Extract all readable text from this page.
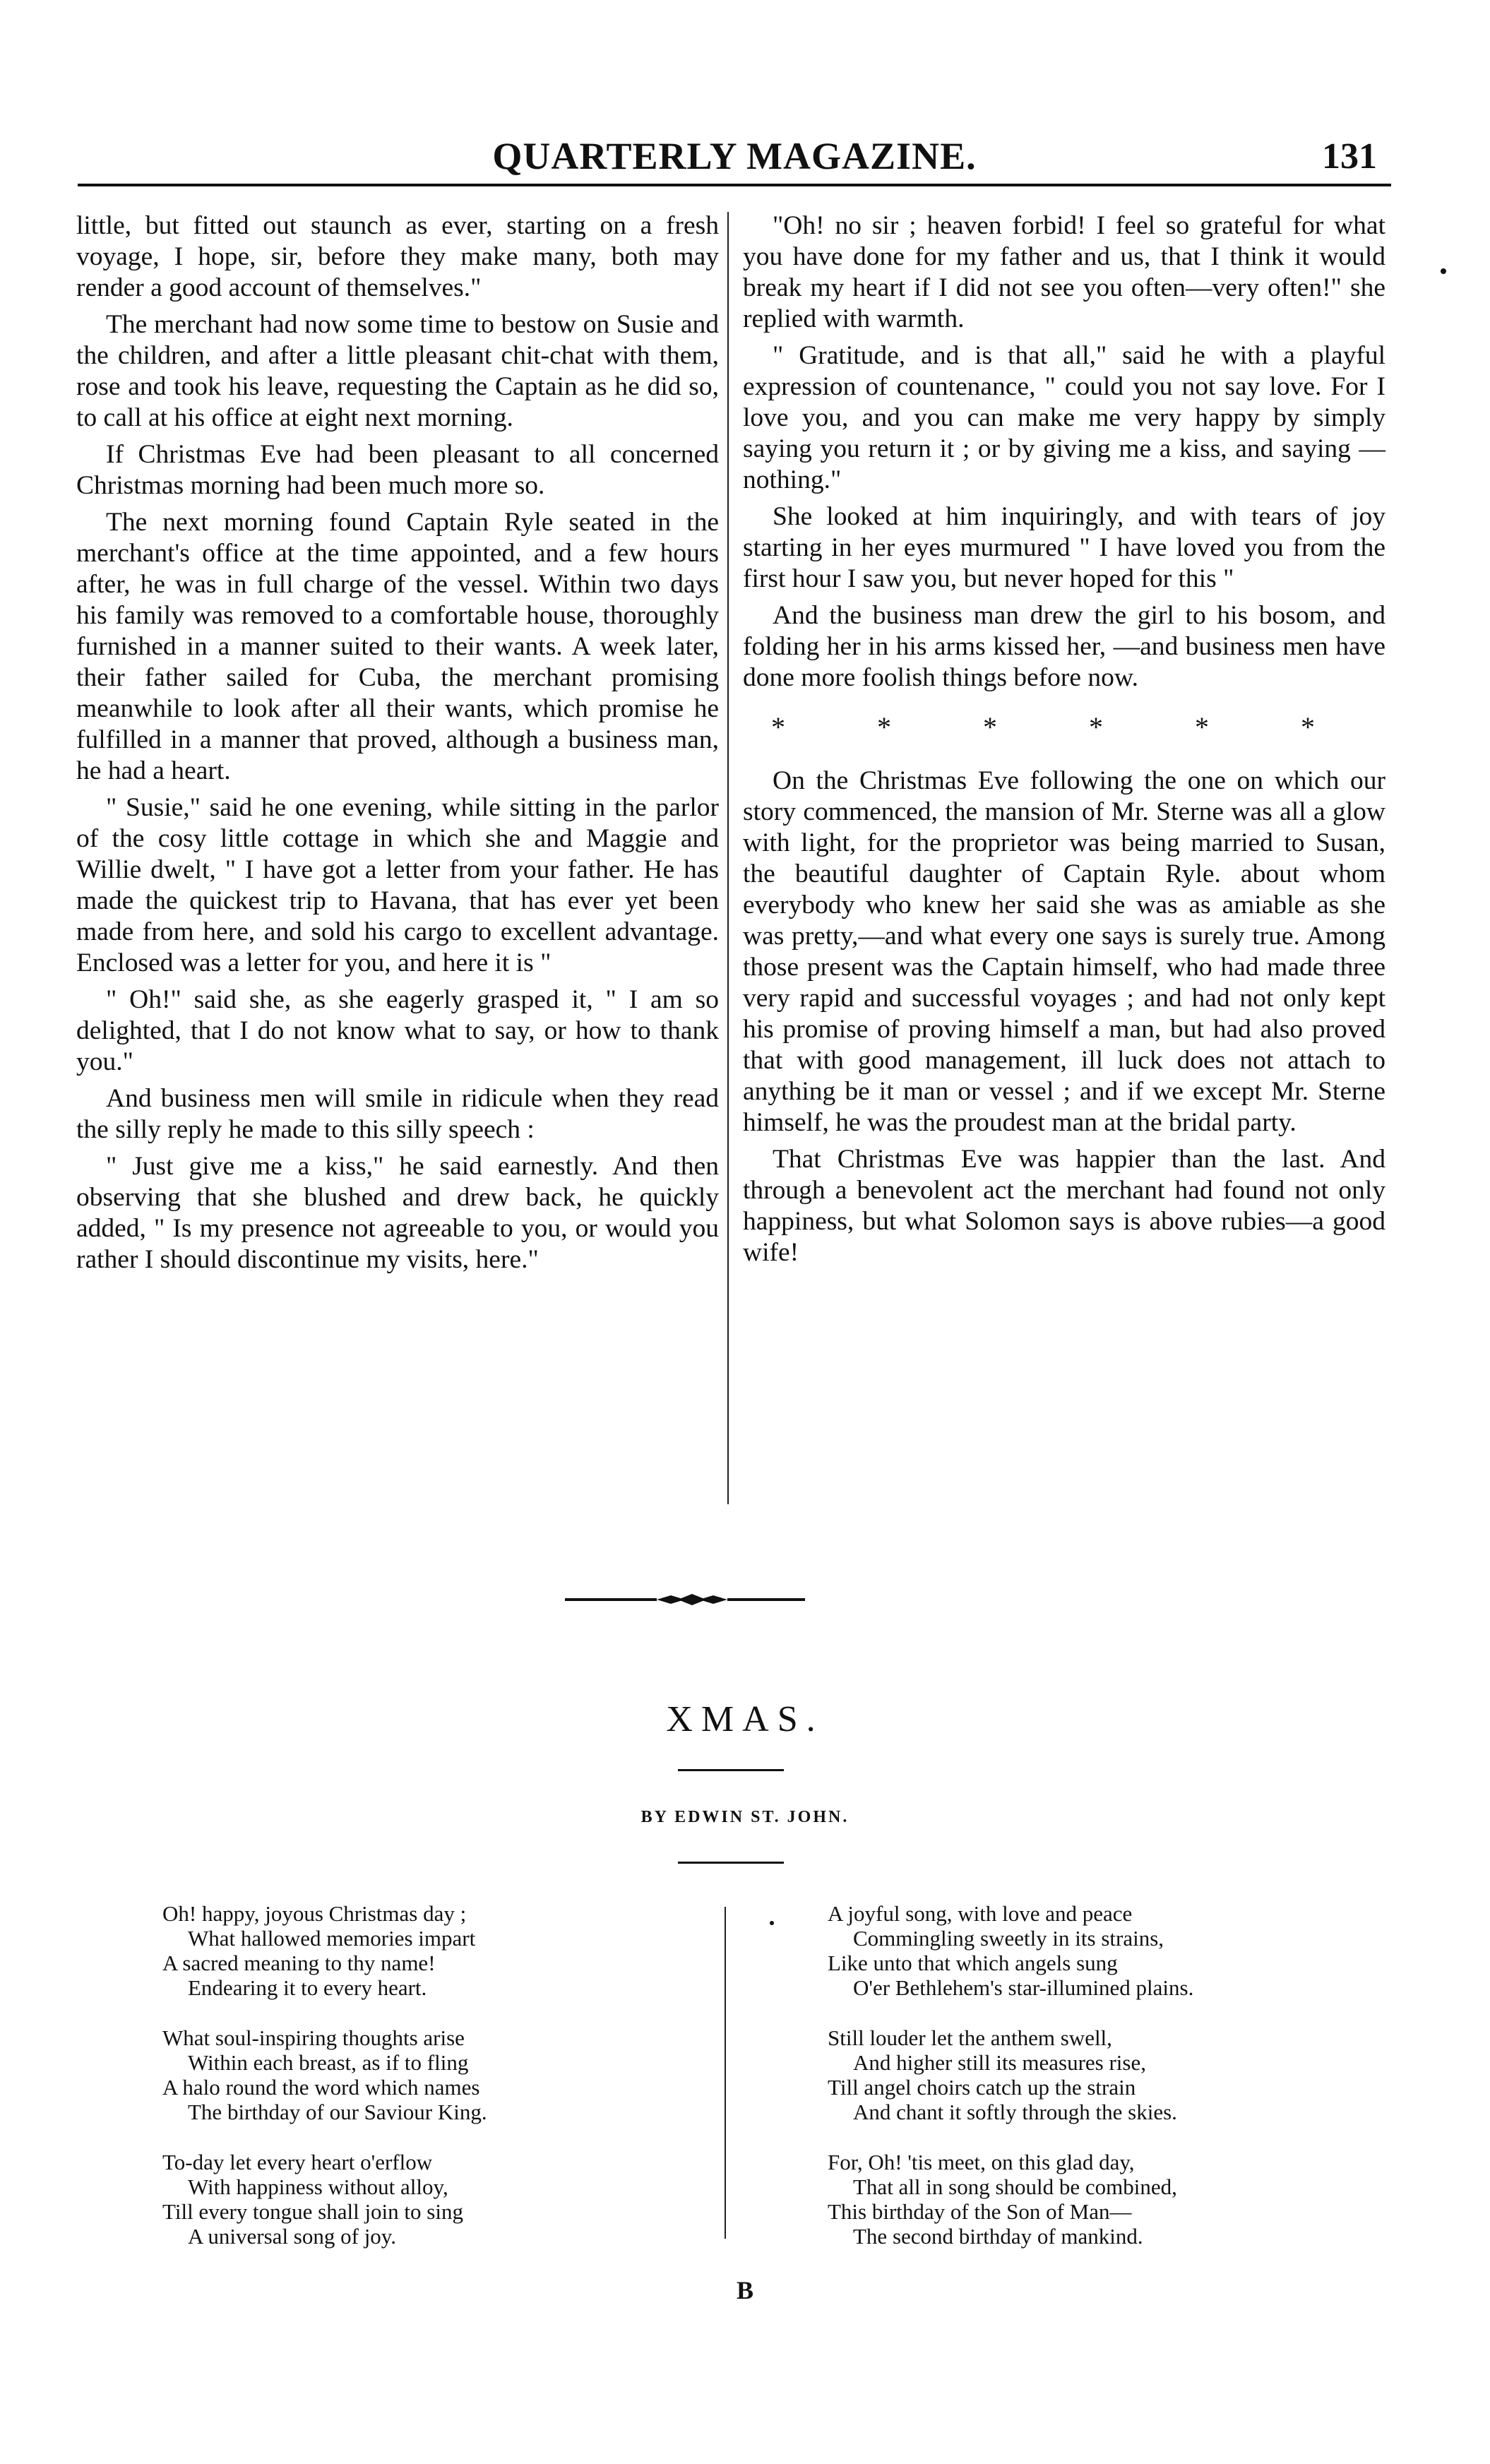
QUARTERLY MAGAZINE.	131

little, but fitted out staunch as ever, starting on a fresh voyage, I hope, sir, before they make many, both may render a good account of themselves."

The merchant had now some time to bestow on Susie and the children, and after a little pleasant chit-chat with them, rose and took his leave, requesting the Captain as he did so, to call at his office at eight next morning.

If Christmas Eve had been pleasant to all concerned Christmas morning had been much more so.

The next morning found Captain Ryle seated in the merchant's office at the time appointed, and a few hours after, he was in full charge of the vessel. Within two days his family was removed to a comfortable house, thoroughly furnished in a manner suited to their wants. A week later, their father sailed for Cuba, the merchant promising meanwhile to look after all their wants, which promise he fulfilled in a manner that proved, although a business man, he had a heart.

" Susie," said he one evening, while sitting in the parlor of the cosy little cottage in which she and Maggie and Willie dwelt, " I have got a letter from your father. He has made the quickest trip to Havana, that has ever yet been made from here, and sold his cargo to excellent advantage. Enclosed was a letter for you, and here it is "

" Oh!" said she, as she eagerly grasped it, " I am so delighted, that I do not know what to say, or how to thank you."

And business men will smile in ridicule when they read the silly reply he made to this silly speech :

" Just give me a kiss," he said earnestly. And then observing that she blushed and drew back, he quickly added, " Is my presence not agreeable to you, or would you rather I should discontinue my visits, here."

"Oh! no sir ; heaven forbid! I feel so grateful for what you have done for my father and us, that I think it would break my heart if I did not see you often—very often!" she replied with warmth.

" Gratitude, and is that all," said he with a playful expression of countenance, " could you not say love. For I love you, and you can make me very happy by simply saying you return it ; or by giving me a kiss, and saying —nothing."

She looked at him inquiringly, and with tears of joy starting in her eyes murmured " I have loved you from the first hour I saw you, but never hoped for this "

And the business man drew the girl to his bosom, and folding her in his arms kissed her, —and business men have done more foolish things before now.

* * * * * *

On the Christmas Eve following the one on which our story commenced, the mansion of Mr. Sterne was all a glow with light, for the proprietor was being married to Susan, the beautiful daughter of Captain Ryle. about whom everybody who knew her said she was as amiable as she was pretty,—and what every one says is surely true. Among those present was the Captain himself, who had made three very rapid and successful voyages ; and had not only kept his promise of proving himself a man, but had also proved that with good management, ill luck does not attach to anything be it man or vessel ; and if we except Mr. Sterne himself, he was the proudest man at the bridal party.

That Christmas Eve was happier than the last. And through a benevolent act the merchant had found not only happiness, but what Solomon says is above rubies—a good wife!

XMAS.
BY EDWIN ST. JOHN.
Oh! happy, joyous Christmas day ;
What hallowed memories impart
A sacred meaning to thy name!
Endearing it to every heart.
What soul-inspiring thoughts arise
Within each breast, as if to fling
A halo round the word which names
The birthday of our Saviour King.
To-day let every heart o'erflow
With happiness without alloy,
Till every tongue shall join to sing
A universal song of joy.
A joyful song, with love and peace
Commingling sweetly in its strains,
Like unto that which angels sung
O'er Bethlehem's star-illumined plains.
Still louder let the anthem swell,
And higher still its measures rise,
Till angel choirs catch up the strain
And chant it softly through the skies.
For, Oh! 'tis meet, on this glad day,
That all in song should be combined,
This birthday of the Son of Man—
The second birthday of mankind.
B
